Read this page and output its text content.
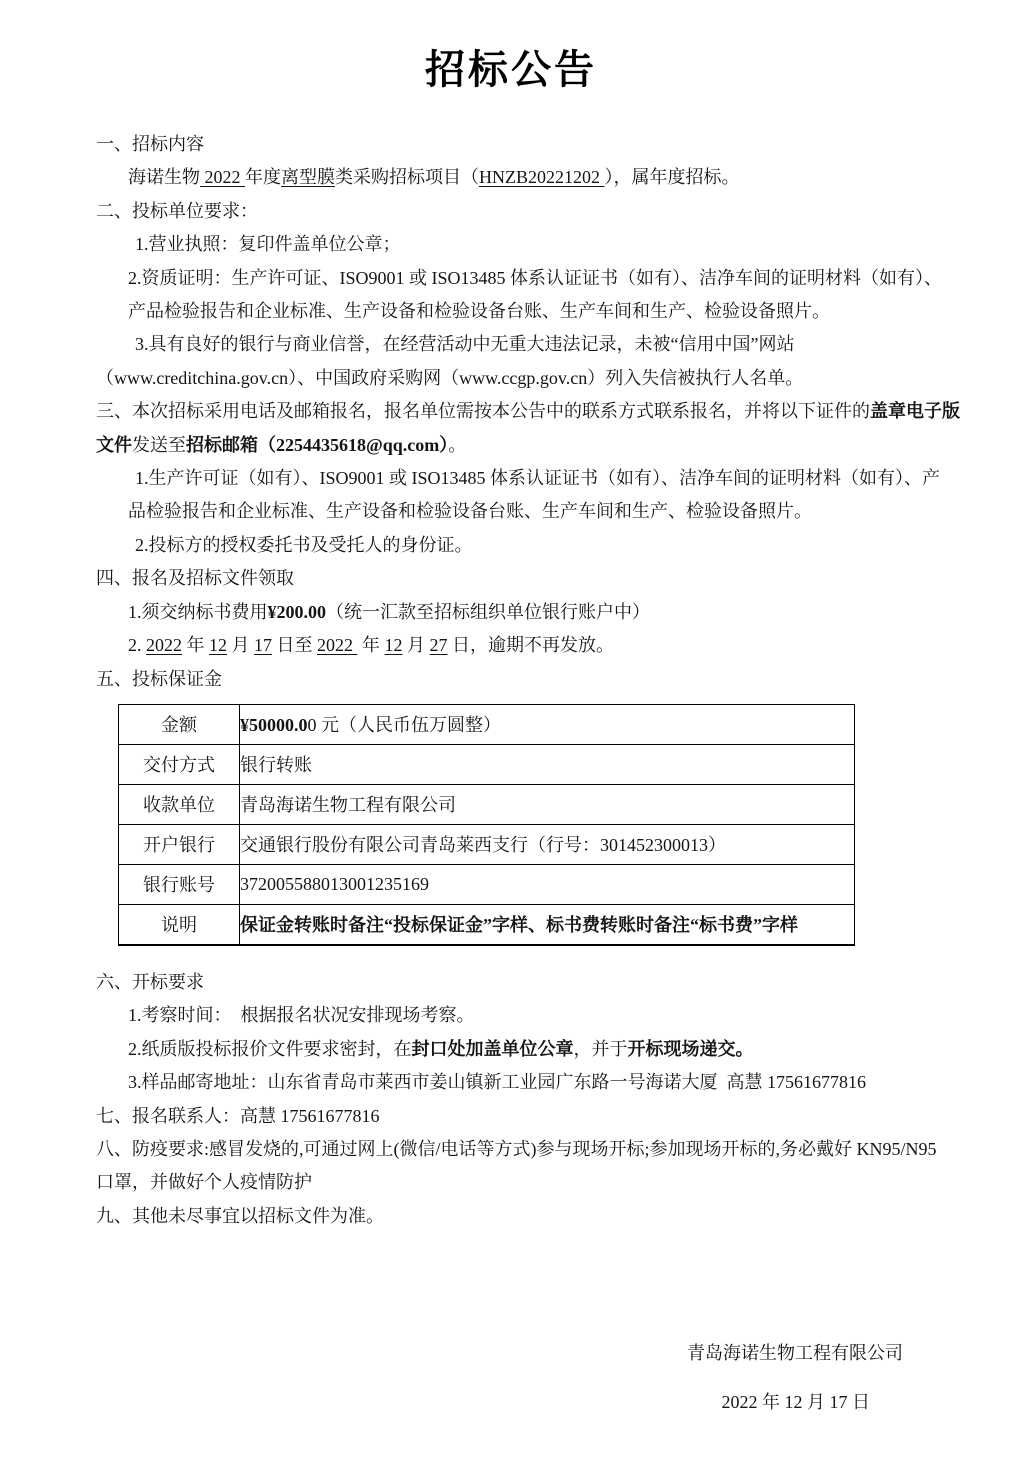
招标公告
一、招标内容
海诺生物 2022 年度离型膜类采购招标项目（HNZB20221202 ），属年度招标。
二、投标单位要求：
1.营业执照：复印件盖单位公章；
2.资质证明：生产许可证、ISO9001 或 ISO13485 体系认证证书（如有）、洁净车间的证明材料（如有）、
产品检验报告和企业标准、生产设备和检验设备台账、生产车间和生产、检验设备照片。
3.具有良好的银行与商业信誉，在经营活动中无重大违法记录，未被“信用中国”网站
（www.creditchina.gov.cn）、中国政府采购网（www.ccgp.gov.cn）列入失信被执行人名单。
三、本次招标采用电话及邮箱报名，报名单位需按本公告中的联系方式联系报名，并将以下证件的盖章电子版
文件发送至招标邮箱（2254435618@qq.com）。
1.生产许可证（如有）、ISO9001 或 ISO13485 体系认证证书（如有）、洁净车间的证明材料（如有）、产
品检验报告和企业标准、生产设备和检验设备台账、生产车间和生产、检验设备照片。
2.投标方的授权委托书及受托人的身份证。
四、报名及招标文件领取
1.须交纳标书费用¥200.00（统一汇款至招标组织单位银行账户中）
2. 2022 年 12 月 17 日至 2022  年 12 月 27 日，逾期不再发放。
五、投标保证金
金额	¥50000.00 元（人民币伍万圆整）
交付方式	银行转账
收款单位	青岛海诺生物工程有限公司
开户银行	交通银行股份有限公司青岛莱西支行（行号：301452300013）
银行账号	372005588013001235169
说明	保证金转账时备注“投标保证金”字样、标书费转账时备注“标书费”字样
六、开标要求
1.考察时间：  根据报名状况安排现场考察。
2.纸质版投标报价文件要求密封，在封口处加盖单位公章，并于开标现场递交。
3.样品邮寄地址：山东省青岛市莱西市姜山镇新工业园广东路一号海诺大厦  高慧 17561677816
七、报名联系人：高慧 17561677816
八、防疫要求:感冒发烧的,可通过网上(微信/电话等方式)参与现场开标;参加现场开标的,务必戴好 KN95/N95
口罩，并做好个人疫情防护
九、其他未尽事宜以招标文件为准。
青岛海诺生物工程有限公司
2022 年 12 月 17 日
